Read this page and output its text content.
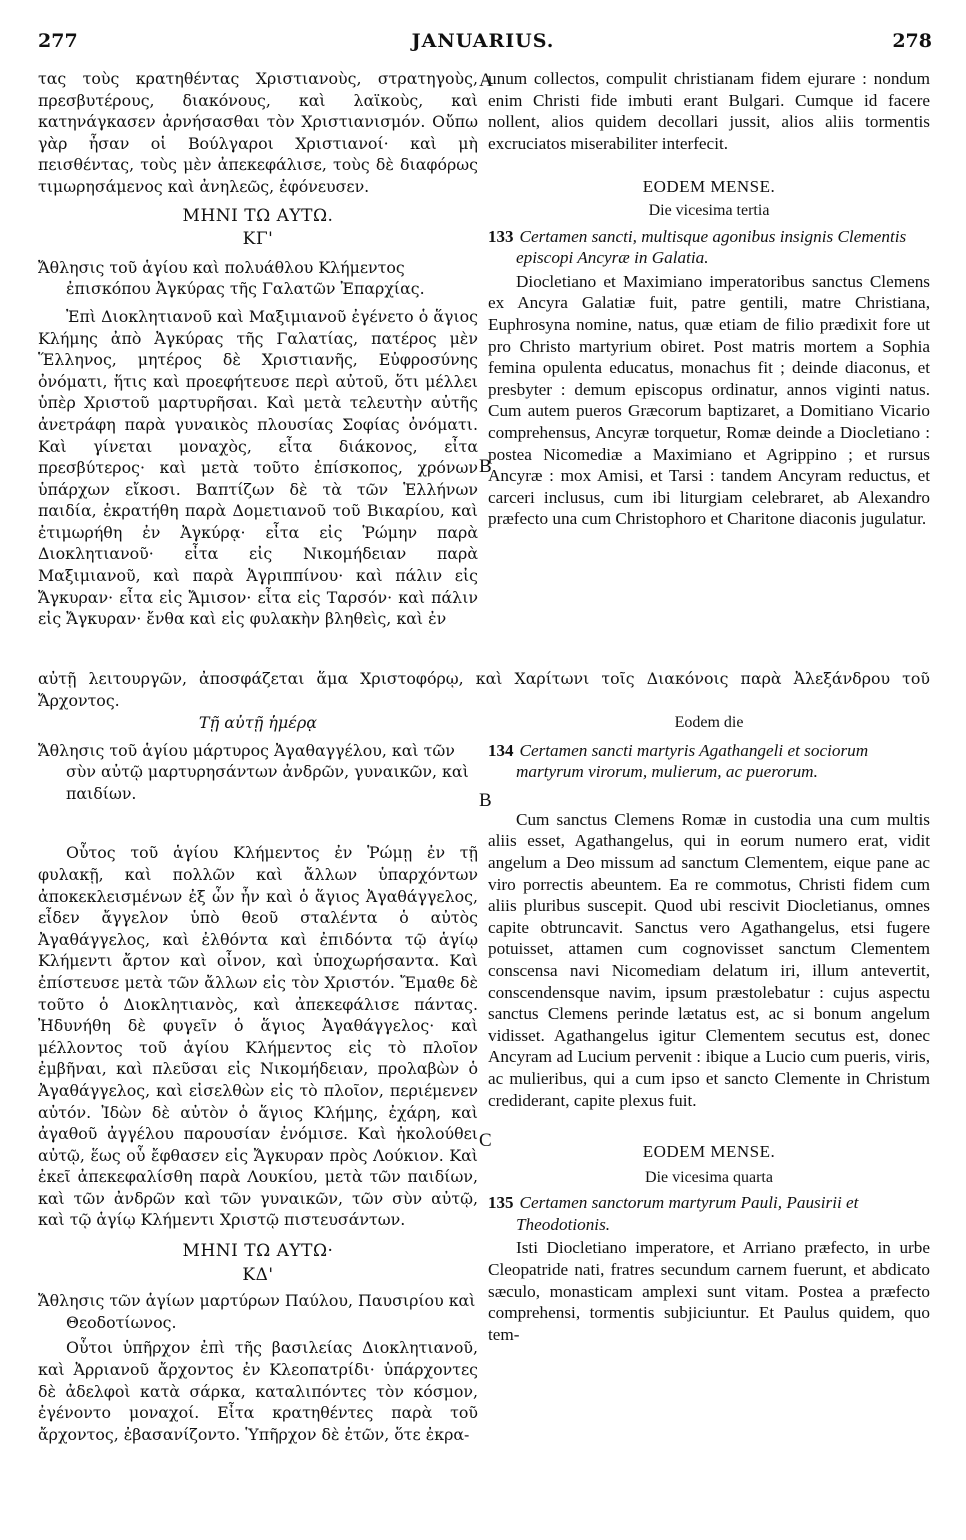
277	JANUARIUS.	278
A
B
B
C

τας τοὺς κρατηθέντας Χριστιανοὺς, στρατηγοὺς, πρεσβυτέρους, διακόνους, καὶ λαϊκοὺς, καὶ κατηνάγκασεν ἀρνήσασθαι τὸν Χριστιανισμόν. Οὔπω γὰρ ἦσαν οἱ Βούλγαροι Χριστιανοί· καὶ μὴ πεισθέντας, τοὺς μὲν ἀπεκεφάλισε, τοὺς δὲ διαφόρως τιμωρησάμενος καὶ ἀνηλεῶς, ἐφόνευσεν.

ΜΗΝΙ ΤΩ ΑΥΤΩ.
ΚΓ'

Ἄθλησις τοῦ ἁγίου καὶ πολυάθλου Κλήμεντος ἐπισκόπου Ἀγκύρας τῆς Γαλατῶν Ἐπαρχίας.

Ἐπὶ Διοκλητιανοῦ καὶ Μαξιμιανοῦ ἐγένετο ὁ ἅγιος Κλήμης ἀπὸ Ἀγκύρας τῆς Γαλατίας, πατέρος μὲν Ἕλληνος, μητέρος δὲ Χριστιανῆς, Εὐφροσύνης ὀνόματι, ἥτις καὶ προεφήτευσε περὶ αὐτοῦ, ὅτι μέλλει ὑπὲρ Χριστοῦ μαρτυρῆσαι. Καὶ μετὰ τελευτὴν αὐτῆς ἀνετράφη παρὰ γυναικὸς πλουσίας Σοφίας ὀνόματι. Καὶ γίνεται μοναχὸς, εἶτα διάκονος, εἶτα πρεσβύτερος· καὶ μετὰ τοῦτο ἐπίσκοπος, χρόνων ὑπάρχων εἴκοσι. Βαπτίζων δὲ τὰ τῶν Ἑλλήνων παιδία, ἐκρατήθη παρὰ Δομετιανοῦ τοῦ Βικαρίου, καὶ ἐτιμωρήθη ἐν Ἀγκύρᾳ· εἶτα εἰς Ῥώμην παρὰ Διοκλητιανοῦ· εἶτα εἰς Νικομήδειαν παρὰ Μαξιμιανοῦ, καὶ παρὰ Ἀγριππίνου· καὶ πάλιν εἰς Ἄγκυραν· εἶτα εἰς Ἄμισον· εἶτα εἰς Ταρσόν· καὶ πάλιν εἰς Ἄγκυραν· ἔνθα καὶ εἰς φυλακὴν βληθεὶς, καὶ ἐν

unum collectos, compulit christianam fidem ejurare : nondum enim Christi fide imbuti erant Bulgari. Cumque id facere nollent, alios quidem decollari jussit, alios aliis tormentis excruciatos miserabiliter interfecit.

EODEM MENSE.
Die vicesima tertia

133 Certamen sancti, multisque agonibus insignis Clementis episcopi Ancyræ in Galatia.

Diocletiano et Maximiano imperatoribus sanctus Clemens ex Ancyra Galatiæ fuit, patre gentili, matre Christiana, Euphrosyna nomine, natus, quæ etiam de filio prædixit fore ut pro Christo martyrium obiret. Post matris mortem a Sophia femina opulenta educatus, monachus fit ; deinde diaconus, et presbyter : demum episcopus ordinatur, annos viginti natus. Cum autem pueros Græcorum baptizaret, a Domitiano Vicario comprehensus, Ancyræ torquetur, Romæ deinde a Diocletiano : postea Nicomediæ a Maximiano et Agrippino ; et rursus Ancyræ : mox Amisi, et Tarsi : tandem Ancyram reductus, et carceri inclusus, cum ibi liturgiam celebraret, ab Alexandro præfecto una cum Christophoro et Charitone diaconis jugulatur.

αὐτῇ λειτουργῶν, ἀποσφάζεται ἅμα Χριστοφόρῳ, καὶ Χαρίτωνι τοῖς Διακόνοις παρὰ Ἀλεξάνδρου τοῦ Ἄρχοντος.
Τῇ αὐτῇ ἡμέρᾳ

Ἄθλησις τοῦ ἁγίου μάρτυρος Ἀγαθαγγέλου, καὶ τῶν σὺν αὐτῷ μαρτυρησάντων ἀνδρῶν, γυναικῶν, καὶ παιδίων.

Οὗτος τοῦ ἁγίου Κλήμεντος ἐν Ῥώμῃ ἐν τῇ φυλακῇ, καὶ πολλῶν καὶ ἄλλων ὑπαρχόντων ἀποκεκλεισμένων ἐξ ὧν ἦν καὶ ὁ ἅγιος Ἀγαθάγγελος, εἶδεν ἄγγελον ὑπὸ θεοῦ σταλέντα ὁ αὐτὸς Ἀγαθάγγελος, καὶ ἐλθόντα καὶ ἐπιδόντα τῷ ἁγίῳ Κλήμεντι ἄρτον καὶ οἶνον, καὶ ὑποχωρήσαντα. Καὶ ἐπίστευσε μετὰ τῶν ἄλλων εἰς τὸν Χριστόν. Ἔμαθε δὲ τοῦτο ὁ Διοκλητιανὸς, καὶ ἀπεκεφάλισε πάντας. Ἠδυνήθη δὲ φυγεῖν ὁ ἅγιος Ἀγαθάγγελος· καὶ μέλλοντος τοῦ ἁγίου Κλήμεντος εἰς τὸ πλοῖον ἐμβῆναι, καὶ πλεῦσαι εἰς Νικομήδειαν, προλαβὼν ὁ Ἀγαθάγγελος, καὶ εἰσελθὼν εἰς τὸ πλοῖον, περιέμενεν αὐτόν. Ἰδὼν δὲ αὐτὸν ὁ ἅγιος Κλήμης, ἐχάρη, καὶ ἀγαθοῦ ἀγγέλου παρουσίαν ἐνόμισε. Καὶ ἠκολούθει αὐτῷ, ἕως οὗ ἔφθασεν εἰς Ἄγκυραν πρὸς Λούκιον. Καὶ ἐκεῖ ἀπεκεφαλίσθη παρὰ Λουκίου, μετὰ τῶν παιδίων, καὶ τῶν ἀνδρῶν καὶ τῶν γυναικῶν, τῶν σὺν αὐτῷ, καὶ τῷ ἁγίῳ Κλήμεντι Χριστῷ πιστευσάντων.

ΜΗΝΙ ΤΩ ΑΥΤΩ·
ΚΔ'

Ἄθλησις τῶν ἁγίων μαρτύρων Παύλου, Παυσιρίου καὶ Θεοδοτίωνος.

Οὗτοι ὑπῆρχον ἐπὶ τῆς βασιλείας Διοκλητιανοῦ, καὶ Ἀρριανοῦ ἄρχοντος ἐν Κλεοπατρίδι· ὑπάρχοντες δὲ ἀδελφοὶ κατὰ σάρκα, καταλιπόντες τὸν κόσμον, ἐγένοντο μοναχοί. Εἶτα κρατηθέντες παρὰ τοῦ ἄρχοντος, ἐβασανίζοντο. Ὑπῆρχον δὲ ἐτῶν, ὅτε ἐκρα-

Eodem die

134 Certamen sancti martyris Agathangeli et sociorum martyrum virorum, mulierum, ac puerorum.

Cum sanctus Clemens Romæ in custodia una cum multis aliis esset, Agathangelus, qui in eorum numero erat, vidit angelum a Deo missum ad sanctum Clementem, eique pane ac viro porrectis abeuntem. Ea re commotus, Christi fidem cum aliis pluribus suscepit. Quod ubi rescivit Diocletianus, omnes capite obtruncavit. Sanctus vero Agathangelus, etsi fugere potuisset, attamen cum cognovisset sanctum Clementem conscensa navi Nicomediam delatum iri, illum antevertit, conscendensque navim, ipsum præstolebatur : cujus aspectu sanctus Clemens perinde lætatus est, ac si bonum angelum vidisset. Agathangelus igitur Clementem secutus est, donec Ancyram ad Lucium pervenit : ibique a Lucio cum pueris, viris, ac mulieribus, qui a cum ipso et sancto Clemente in Christum crediderant, capite plexus fuit.

EODEM MENSE.
Die vicesima quarta

135 Certamen sanctorum martyrum Pauli, Pausirii et Theodotionis.

Isti Diocletiano imperatore, et Arriano præfecto, in urbe Cleopatride nati, fratres secundum carnem fuerunt, et abdicato sæculo, monasticam amplexi sunt vitam. Postea a præfecto comprehensi, tormentis subjiciuntur. Et Paulus quidem, quo tem-
